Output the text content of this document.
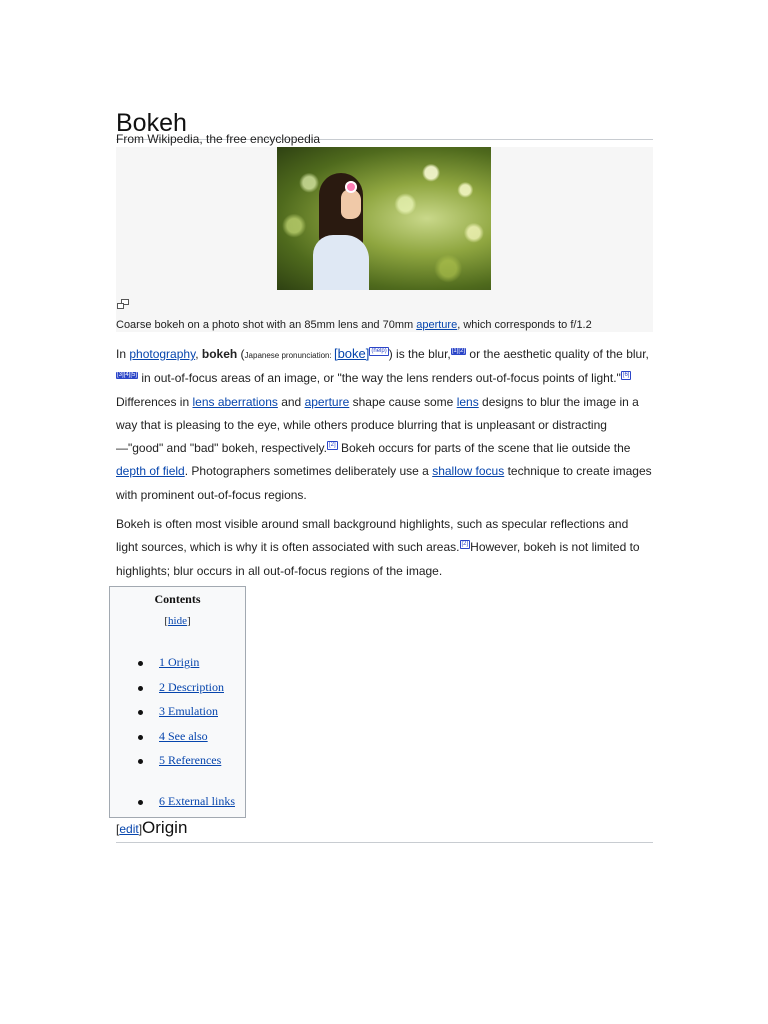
Bokeh
From Wikipedia, the free encyclopedia
Coarse bokeh on a photo shot with an 85mm lens and 70mm aperture, which corresponds to f/1.2

In photography, bokeh (Japanese pronunciation: [boke] $^{(help)}$ ) is the blur,[1][2] or the aesthetic quality of the blur,[3][4][5] in out-of-focus areas of an image, or "the way the lens renders out-of-focus points of light." [6] Differences in lens aberrations and aperture shape cause some lens designs to blur the image in a way that is pleasing to the eye, while others produce blurring that is unpleasant or distracting—"good" and "bad" bokeh, respectively. [2] Bokeh occurs for parts of the scene that lie outside the depth of field. Photographers sometimes deliberately use a shallow focus technique to create images with prominent out-of-focus regions.

Bokeh is often most visible around small background highlights, such as specular reflections and light sources, which is why it is often associated with such areas. [2] However, bokeh is not limited to highlights; blur occurs in all out-of-focus regions of the image.

Contents
[hide]
1 Origin
2 Description
3 Emulation
4 See also
5 References
6 External links
[edit]Origin
